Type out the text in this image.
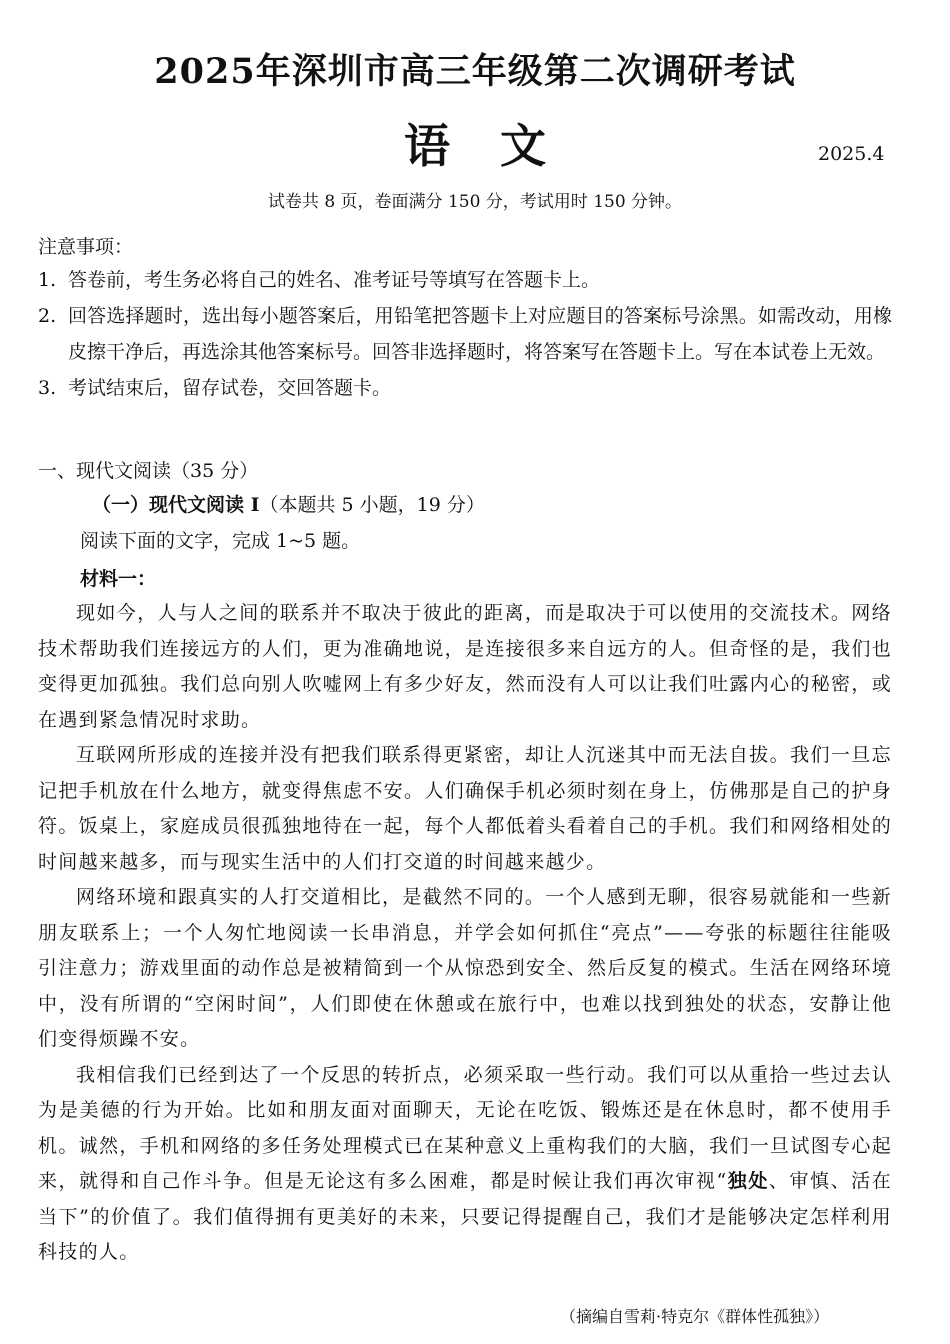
2025年深圳市高三年级第二次调研考试
语文	2025.4
试卷共 8 页，卷面满分 150 分，考试用时 150 分钟。
注意事项：
1. 答卷前，考生务必将自己的姓名、准考证号等填写在答题卡上。
2. 回答选择题时，选出每小题答案后，用铅笔把答题卡上对应题目的答案标号涂黑。如需改动，用橡皮擦干净后，再选涂其他答案标号。回答非选择题时，将答案写在答题卡上。写在本试卷上无效。
3. 考试结束后，留存试卷，交回答题卡。
一、现代文阅读（35 分）
（一）现代文阅读 I（本题共 5 小题，19 分）
阅读下面的文字，完成 1~5 题。
材料一：

现如今，人与人之间的联系并不取决于彼此的距离，而是取决于可以使用的交流技术。网络技术帮助我们连接远方的人们，更为准确地说，是连接很多来自远方的人。但奇怪的是，我们也变得更加孤独。我们总向别人吹嘘网上有多少好友，然而没有人可以让我们吐露内心的秘密，或在遇到紧急情况时求助。

互联网所形成的连接并没有把我们联系得更紧密，却让人沉迷其中而无法自拔。我们一旦忘记把手机放在什么地方，就变得焦虑不安。人们确保手机必须时刻在身上，仿佛那是自己的护身符。饭桌上，家庭成员很孤独地待在一起，每个人都低着头看着自己的手机。我们和网络相处的时间越来越多，而与现实生活中的人们打交道的时间越来越少。

网络环境和跟真实的人打交道相比，是截然不同的。一个人感到无聊，很容易就能和一些新朋友联系上；一个人匆忙地阅读一长串消息，并学会如何抓住“亮点”——夸张的标题往往能吸引注意力；游戏里面的动作总是被精简到一个从惊恐到安全、然后反复的模式。生活在网络环境中，没有所谓的“空闲时间”，人们即使在休憩或在旅行中，也难以找到独处的状态，安静让他们变得烦躁不安。

我相信我们已经到达了一个反思的转折点，必须采取一些行动。我们可以从重拾一些过去认为是美德的行为开始。比如和朋友面对面聊天，无论在吃饭、锻炼还是在休息时，都不使用手机。诚然，手机和网络的多任务处理模式已在某种意义上重构我们的大脑，我们一旦试图专心起来，就得和自己作斗争。但是无论这有多么困难，都是时候让我们再次审视“独处、审慎、活在当下”的价值了。我们值得拥有更美好的未来，只要记得提醒自己，我们才是能够决定怎样利用科技的人。

（摘编自雪莉·特克尔《群体性孤独》）
